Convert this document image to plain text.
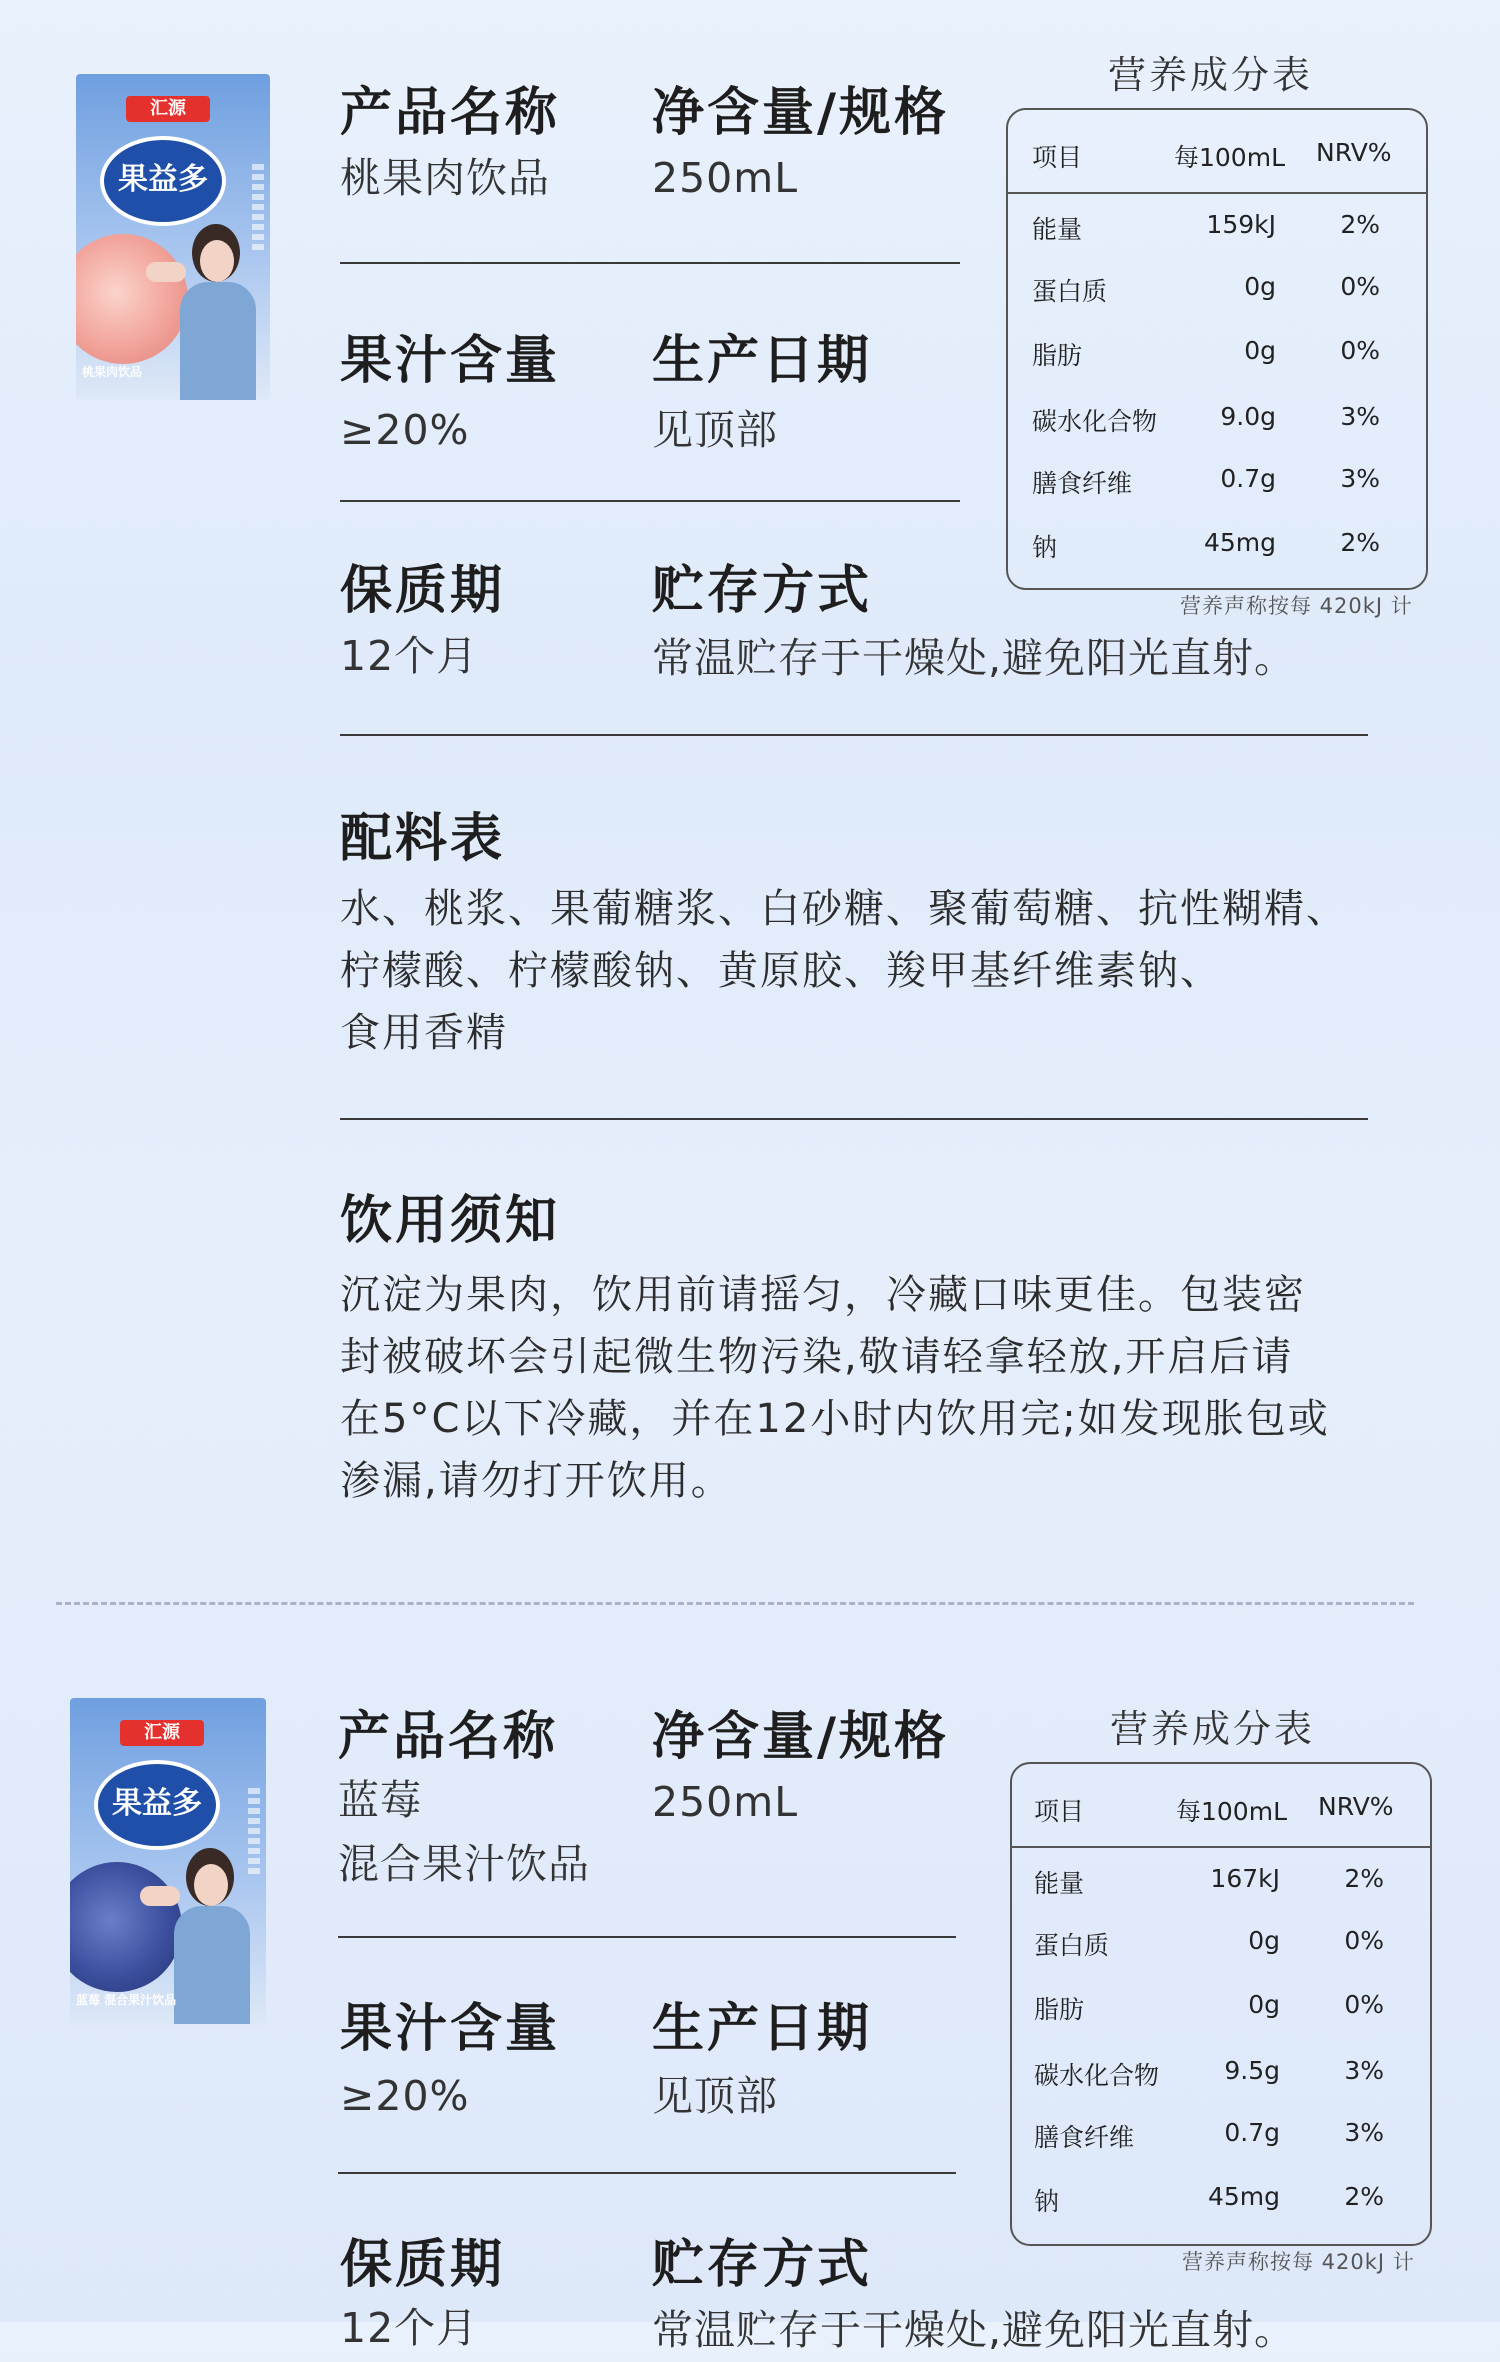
汇源
果益多
桃果肉饮品
产品名称
桃果肉饮品
净含量/规格
250mL
果汁含量
≥20%
生产日期
见顶部
保质期
12个月
贮存方式
常温贮存于干燥处,避免阳光直射。
配料表
水、桃浆、果葡糖浆、白砂糖、聚葡萄糖、抗性糊精、
柠檬酸、柠檬酸钠、黄原胶、羧甲基纤维素钠、
食用香精
饮用须知
沉淀为果肉，饮用前请摇匀，冷藏口味更佳。包装密
封被破坏会引起微生物污染,敬请轻拿轻放,开启后请
在5°C以下冷藏，并在12小时内饮用完;如发现胀包或
渗漏,请勿打开饮用。
营养成分表
项目	每100mL NRV%
能量	159kJ	2%
蛋白质	0g	0%
脂肪	0g	0%
碳水化合物	9.0g	3%
膳食纤维	0.7g	3%
钠	45mg	2%
营养声称按每 420kJ 计
汇源
果益多
蓝莓 混合果汁饮品
产品名称
蓝莓
混合果汁饮品
净含量/规格
250mL
果汁含量
≥20%
生产日期
见顶部
保质期
12个月
贮存方式
常温贮存于干燥处,避免阳光直射。
营养成分表
项目	每100mL NRV%
能量	167kJ	2%
蛋白质	0g	0%
脂肪	0g	0%
碳水化合物	9.5g	3%
膳食纤维	0.7g	3%
钠	45mg	2%
营养声称按每 420kJ 计
